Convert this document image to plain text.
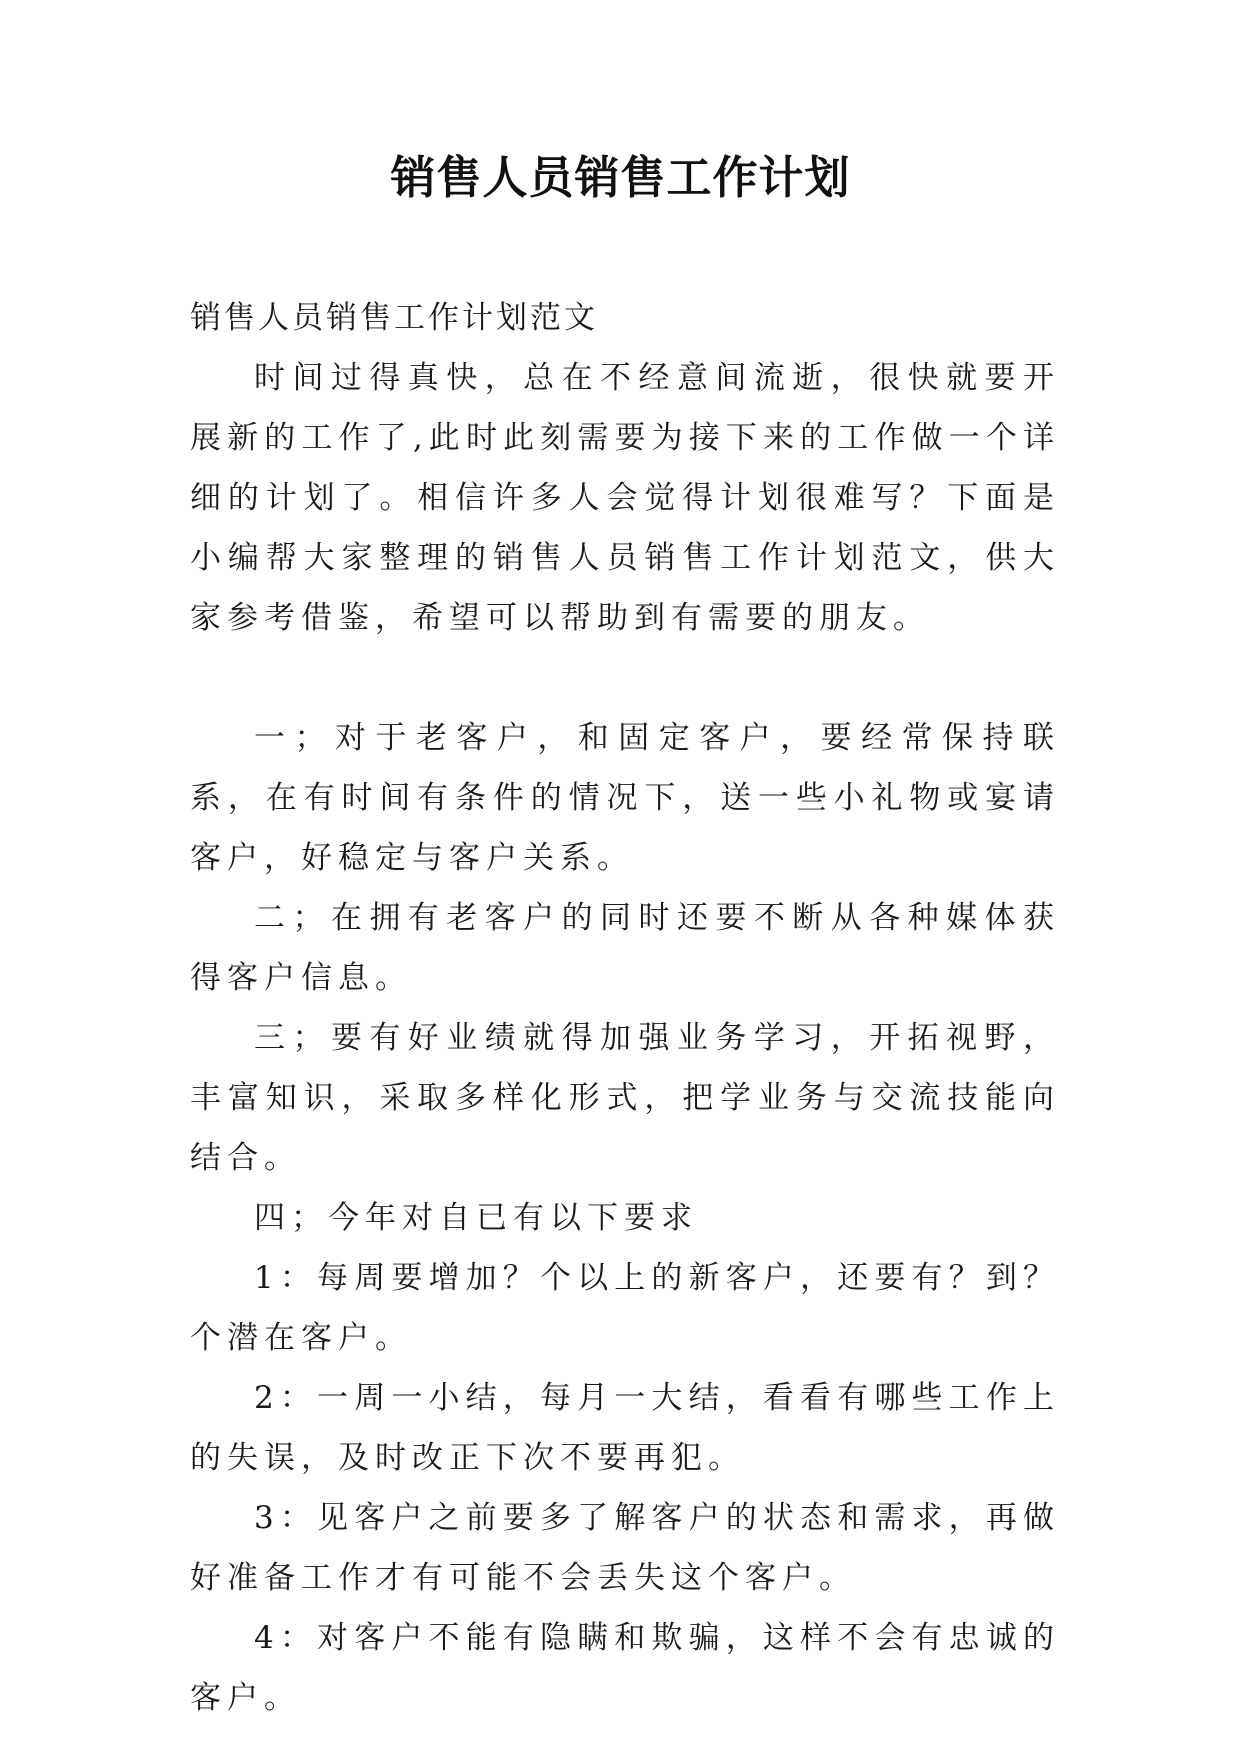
销售人员销售工作计划

销售人员销售工作计划范文

时间过得真快，总在不经意间流逝，很快就要开展新的工作了,此时此刻需要为接下来的工作做一个详细的计划了。相信许多人会觉得计划很难写？下面是小编帮大家整理的销售人员销售工作计划范文，供大家参考借鉴，希望可以帮助到有需要的朋友。

一；对于老客户，和固定客户，要经常保持联系，在有时间有条件的情况下，送一些小礼物或宴请客户，好稳定与客户关系。

二；在拥有老客户的同时还要不断从各种媒体获得客户信息。

三；要有好业绩就得加强业务学习，开拓视野，丰富知识，采取多样化形式，把学业务与交流技能向结合。

四；今年对自已有以下要求

1：每周要增加？个以上的新客户，还要有？到？个潜在客户。

2：一周一小结，每月一大结，看看有哪些工作上的失误，及时改正下次不要再犯。

3：见客户之前要多了解客户的状态和需求，再做好准备工作才有可能不会丢失这个客户。

4：对客户不能有隐瞒和欺骗，这样不会有忠诚的客户。
